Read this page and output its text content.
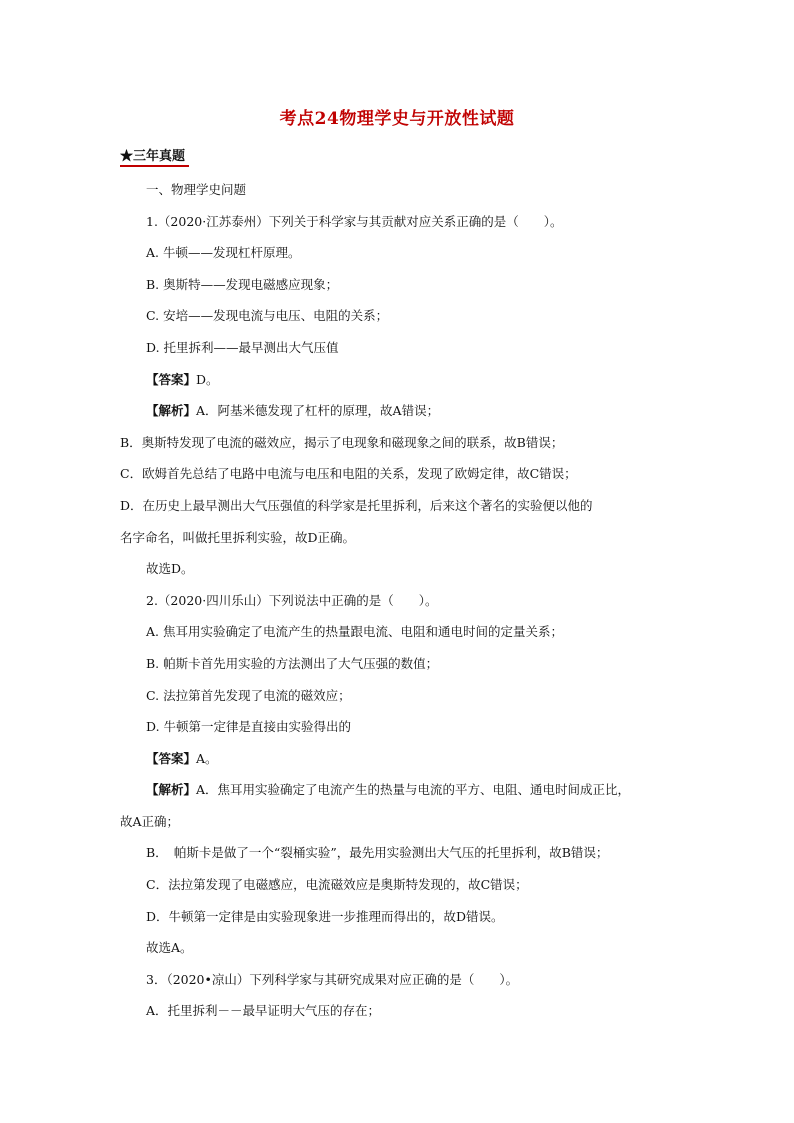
考点24物理学史与开放性试题
★三年真题
一、物理学史问题
1.（2020·江苏泰州）下列关于科学家与其贡献对应关系正确的是（　　）。
A. 牛顿——发现杠杆原理。
B. 奥斯特——发现电磁感应现象；
C. 安培——发现电流与电压、电阻的关系；
D. 托里拆利——最早测出大气压值
【答案】D。
【解析】A．阿基米德发现了杠杆的原理，故A错误；
B．奥斯特发现了电流的磁效应，揭示了电现象和磁现象之间的联系，故B错误；
C．欧姆首先总结了电路中电流与电压和电阻的关系，发现了欧姆定律，故C错误；
D．在历史上最早测出大气压强值的科学家是托里拆利，后来这个著名的实验便以他的
名字命名，叫做托里拆利实验，故D正确。
故选D。
2.（2020·四川乐山）下列说法中正确的是（　　）。
A. 焦耳用实验确定了电流产生的热量跟电流、电阻和通电时间的定量关系；
B. 帕斯卡首先用实验的方法测出了大气压强的数值；
C. 法拉第首先发现了电流的磁效应；
D. 牛顿第一定律是直接由实验得出的
【答案】A。
【解析】A．焦耳用实验确定了电流产生的热量与电流的平方、电阻、通电时间成正比，
故A正确；
B．　帕斯卡是做了一个“裂桶实验”，最先用实验测出大气压的托里拆利，故B错误；
C．法拉第发现了电磁感应，电流磁效应是奥斯特发现的，故C错误；
D．牛顿第一定律是由实验现象进一步推理而得出的，故D错误。
故选A。
3．（2020•凉山）下列科学家与其研究成果对应正确的是（　　）。
A．托里拆利－－最早证明大气压的存在；
